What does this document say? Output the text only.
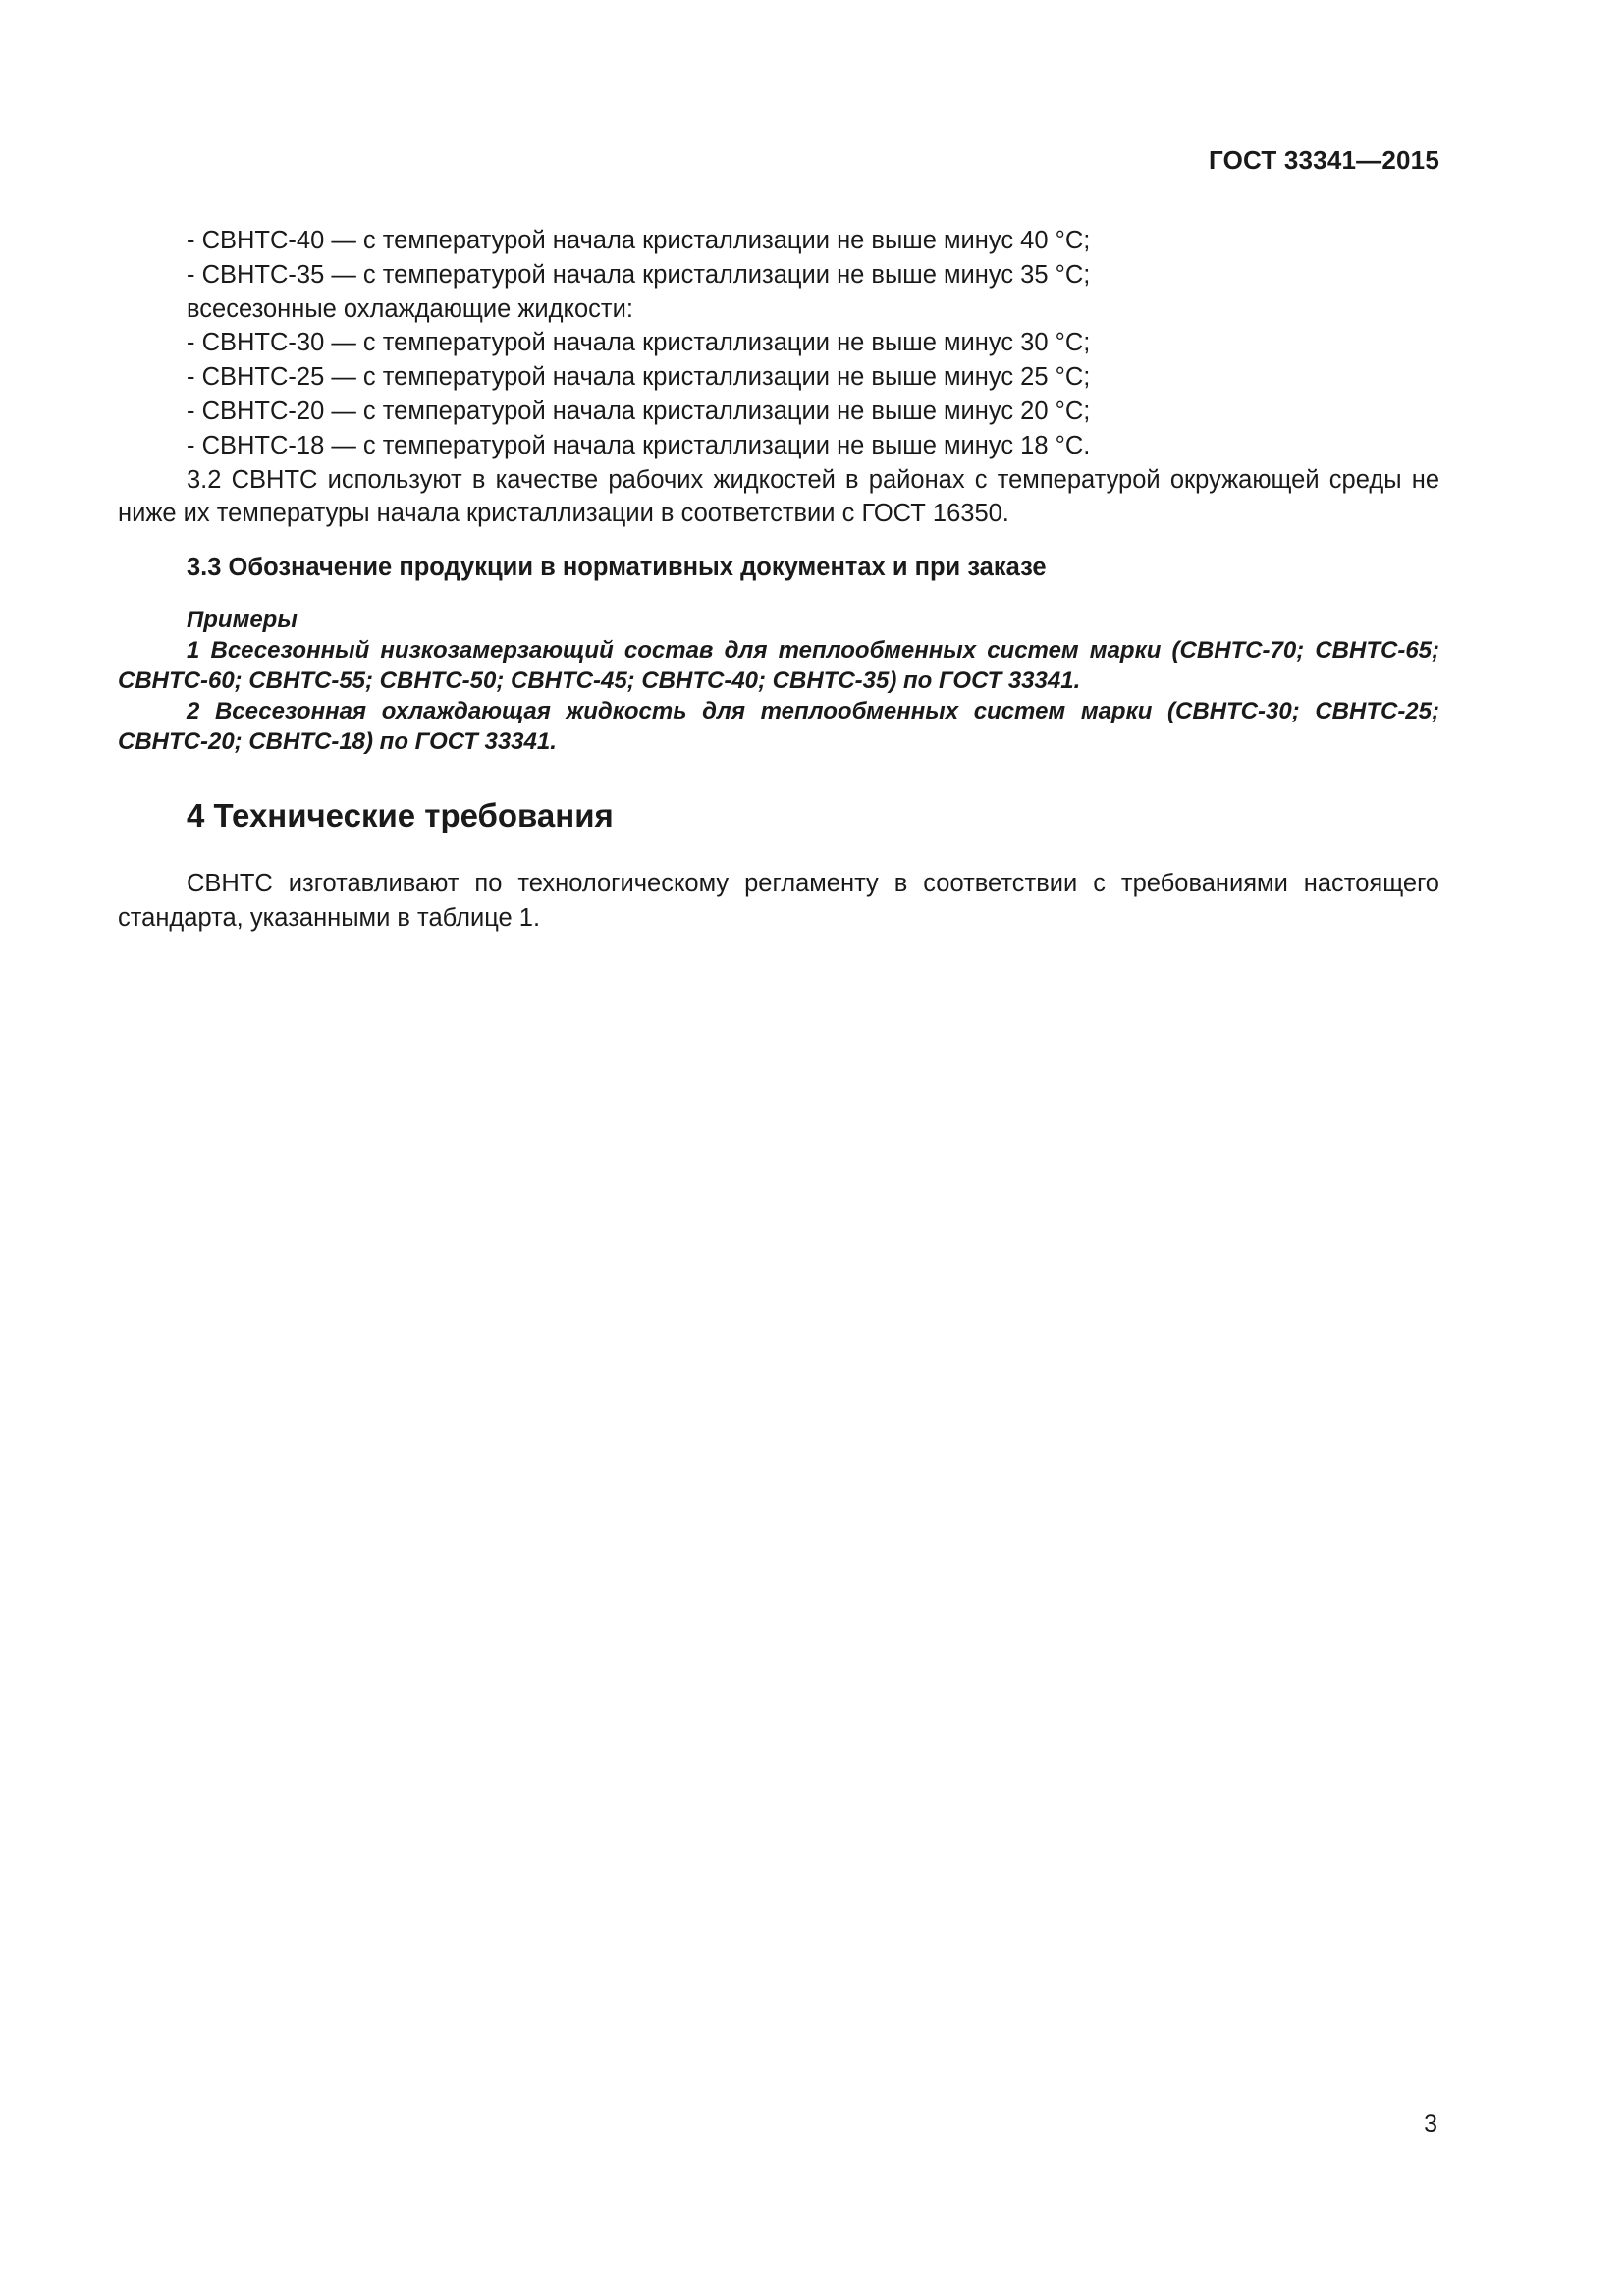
ГОСТ 33341—2015
- СВНТС-40 — с температурой начала кристаллизации не выше минус 40 °С;
- СВНТС-35 — с температурой начала кристаллизации не выше минус 35 °С;
всесезонные охлаждающие жидкости:
- СВНТС-30 — с температурой начала кристаллизации не выше минус 30 °С;
- СВНТС-25 — с температурой начала кристаллизации не выше минус 25 °С;
- СВНТС-20 — с температурой начала кристаллизации не выше минус 20 °С;
- СВНТС-18 — с температурой начала кристаллизации не выше минус 18 °С.
3.2 СВНТС используют в качестве рабочих жидкостей в районах с температурой окружающей среды не ниже их температуры начала кристаллизации в соответствии с ГОСТ 16350.
3.3 Обозначение продукции в нормативных документах и при заказе
Примеры
1 Всесезонный низкозамерзающий состав для теплообменных систем марки (СВНТС-70; СВНТС-65; СВНТС-60; СВНТС-55; СВНТС-50; СВНТС-45; СВНТС-40; СВНТС-35) по ГОСТ 33341.
2 Всесезонная охлаждающая жидкость для теплообменных систем марки (СВНТС-30; СВНТС-25; СВНТС-20; СВНТС-18) по ГОСТ 33341.
4 Технические требования
СВНТС изготавливают по технологическому регламенту в соответствии с требованиями настоящего стандарта, указанными в таблице 1.
3
